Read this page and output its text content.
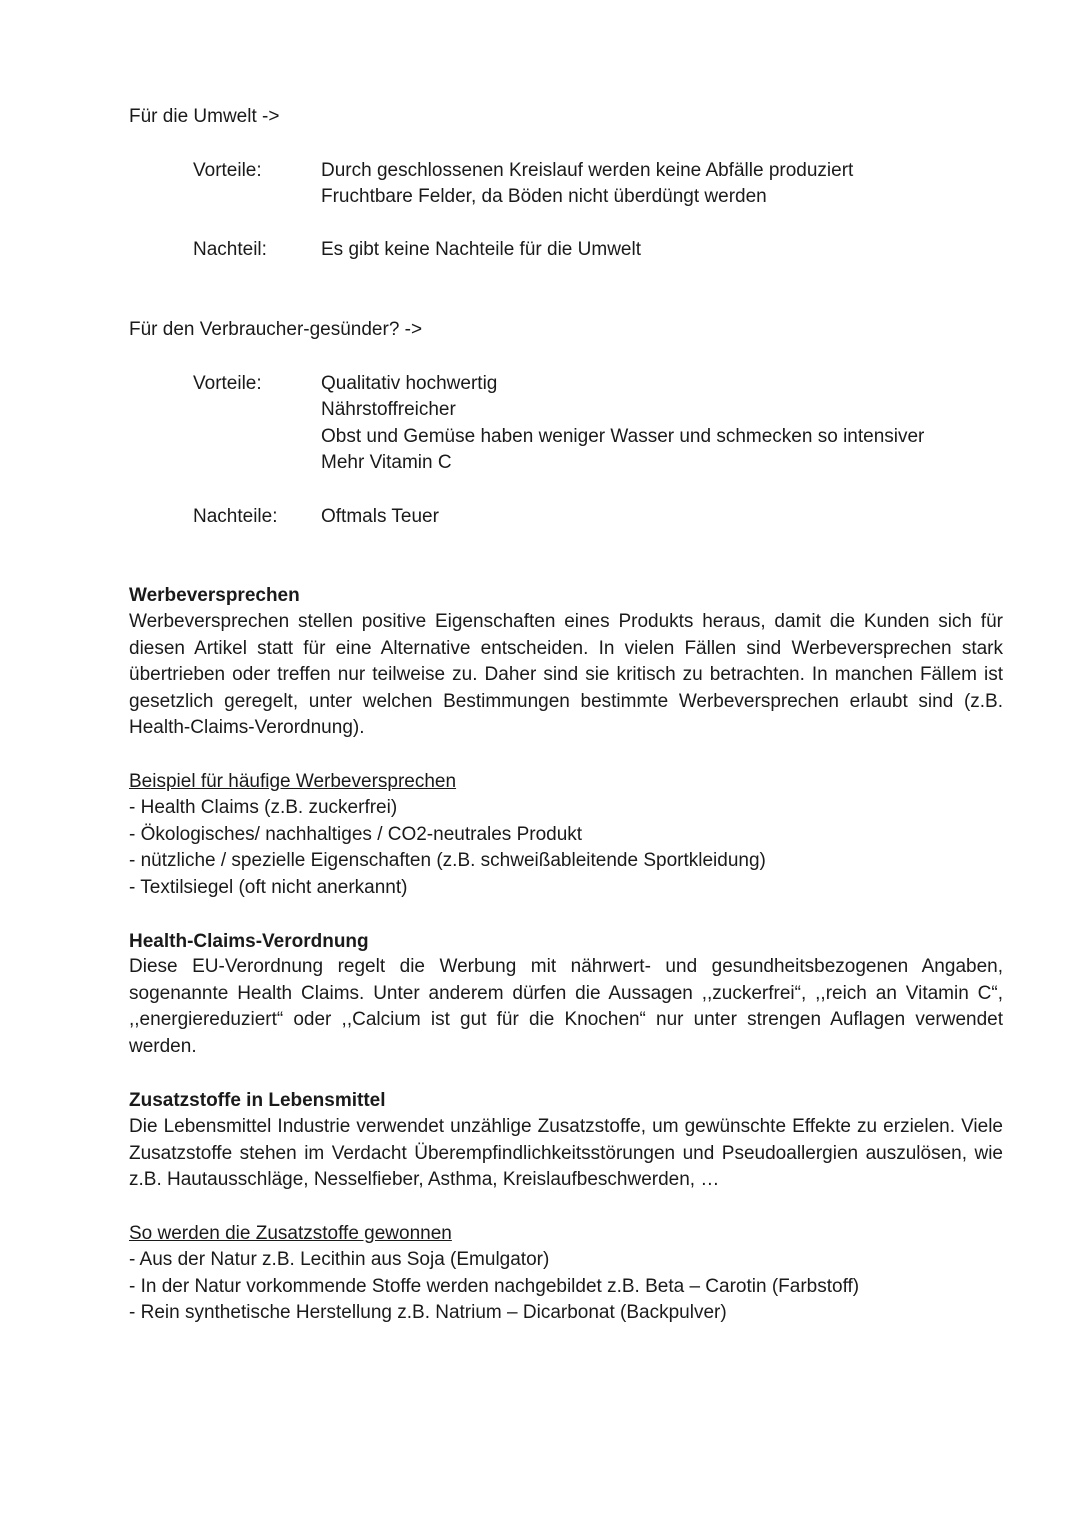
Für die Umwelt ->
Vorteile:	Durch geschlossenen Kreislauf werden keine Abfälle produziert
Fruchtbare Felder, da Böden nicht überdüngt werden
Nachteil:	Es gibt keine Nachteile für die Umwelt
Für den Verbraucher-gesünder? ->
Vorteile:	Qualitativ hochwertig
Nährstoffreicher
Obst und Gemüse haben weniger Wasser und schmecken so intensiver
Mehr Vitamin C
Nachteile: Oftmals Teuer
Werbeversprechen
Werbeversprechen stellen positive Eigenschaften eines Produkts heraus, damit die Kunden sich für diesen Artikel statt für eine Alternative entscheiden. In vielen Fällen sind Werbeversprechen stark übertrieben oder treffen nur teilweise zu. Daher sind sie kritisch zu betrachten. In manchen Fällem ist gesetzlich geregelt, unter welchen Bestimmungen bestimmte Werbeversprechen erlaubt sind (z.B. Health-Claims-Verordnung).
Beispiel für häufige Werbeversprechen
- Health Claims (z.B. zuckerfrei)
- Ökologisches/ nachhaltiges / CO2-neutrales Produkt
- nützliche / spezielle Eigenschaften (z.B. schweißableitende Sportkleidung)
- Textilsiegel (oft nicht anerkannt)
Health-Claims-Verordnung
Diese EU-Verordnung regelt die Werbung mit nährwert- und gesundheitsbezogenen Angaben, sogenannte Health Claims. Unter anderem dürfen die Aussagen ,,zuckerfrei“, ,,reich an Vitamin C“, ,,energiereduziert“ oder ,,Calcium ist gut für die Knochen“ nur unter strengen Auflagen verwendet werden.
Zusatzstoffe in Lebensmittel
Die Lebensmittel Industrie verwendet unzählige Zusatzstoffe, um gewünschte Effekte zu erzielen. Viele Zusatzstoffe stehen im Verdacht Überempfindlichkeitsstörungen und Pseudoallergien auszulösen, wie z.B. Hautausschläge, Nesselfieber, Asthma, Kreislaufbeschwerden, …
So werden die Zusatzstoffe gewonnen
- Aus der Natur z.B. Lecithin aus Soja (Emulgator)
- In der Natur vorkommende Stoffe werden nachgebildet z.B. Beta – Carotin (Farbstoff)
- Rein synthetische Herstellung z.B. Natrium – Dicarbonat (Backpulver)
